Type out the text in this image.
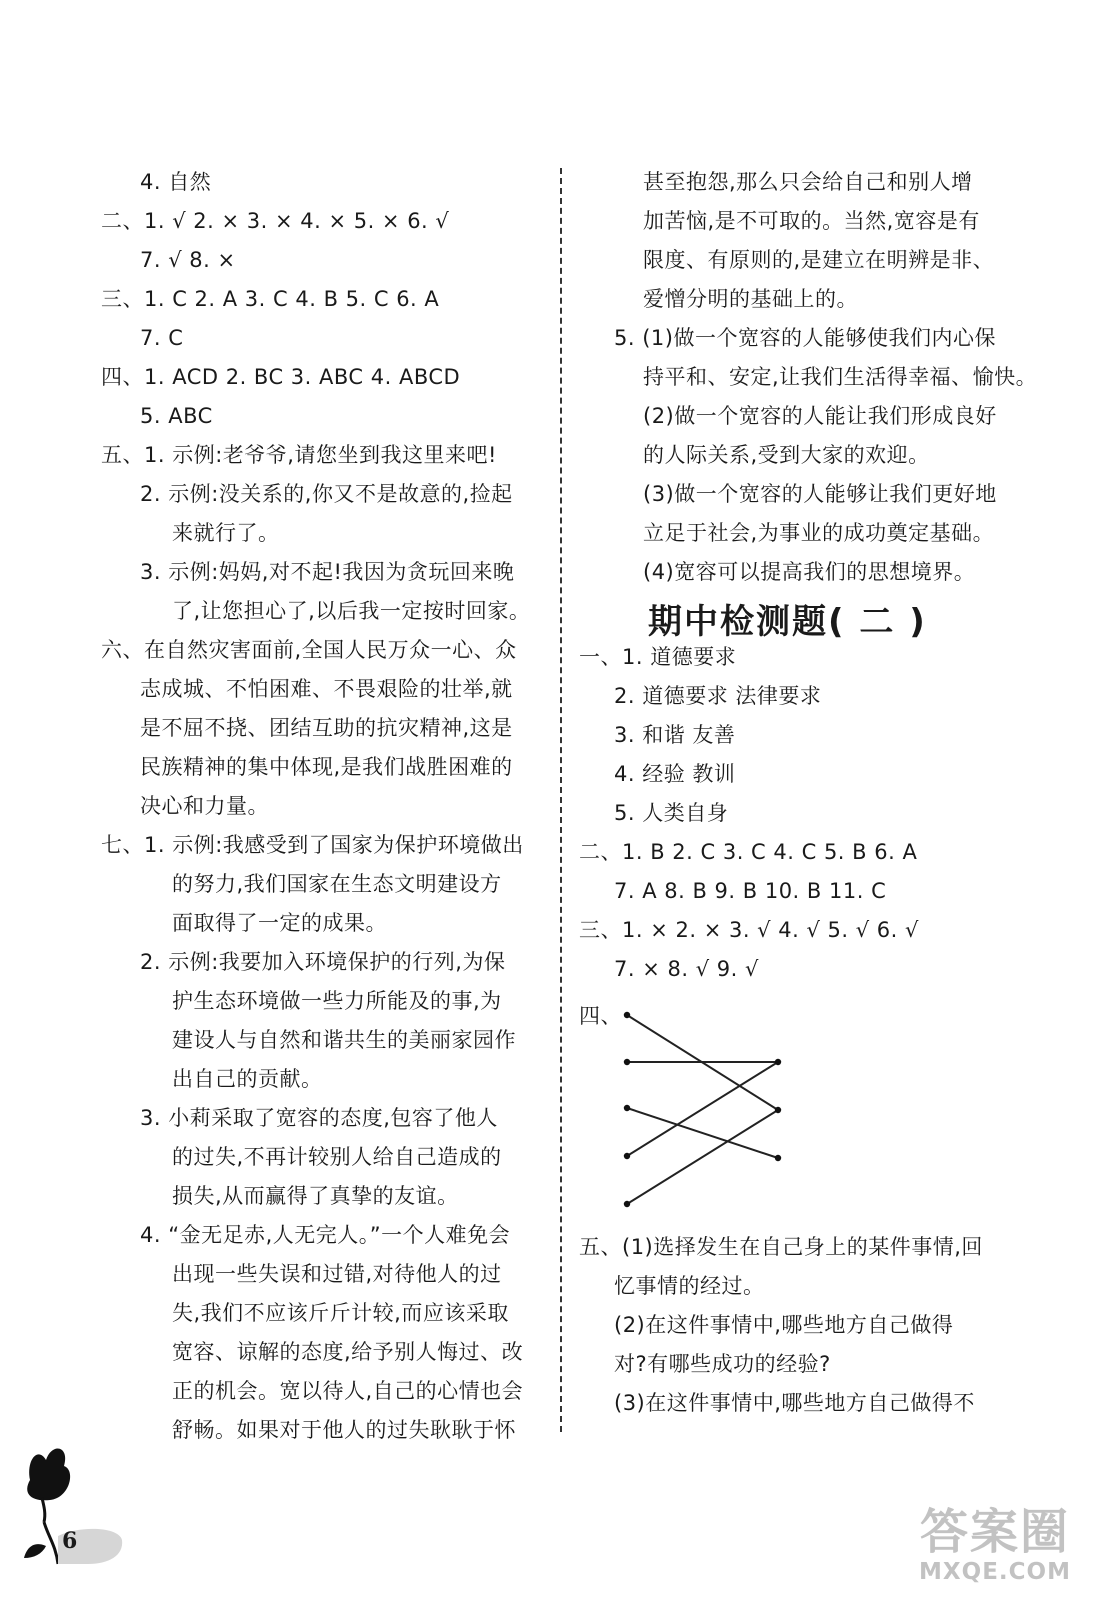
4. 自然
二、1. √ 2. × 3. × 4. × 5. × 6. √
7. √ 8. ×
三、1. C 2. A 3. C 4. B 5. C 6. A
7. C
四、1. ACD 2. BC 3. ABC 4. ABCD
5. ABC
五、1. 示例:老爷爷,请您坐到我这里来吧!
2. 示例:没关系的,你又不是故意的,捡起
来就行了。
3. 示例:妈妈,对不起!我因为贪玩回来晚
了,让您担心了,以后我一定按时回家。
六、在自然灾害面前,全国人民万众一心、众
志成城、不怕困难、不畏艰险的壮举,就
是不屈不挠、团结互助的抗灾精神,这是
民族精神的集中体现,是我们战胜困难的
决心和力量。
七、1. 示例:我感受到了国家为保护环境做出
的努力,我们国家在生态文明建设方
面取得了一定的成果。
2. 示例:我要加入环境保护的行列,为保
护生态环境做一些力所能及的事,为
建设人与自然和谐共生的美丽家园作
出自己的贡献。
3. 小莉采取了宽容的态度,包容了他人
的过失,不再计较别人给自己造成的
损失,从而赢得了真挚的友谊。
4. “金无足赤,人无完人。”一个人难免会
出现一些失误和过错,对待他人的过
失,我们不应该斤斤计较,而应该采取
宽容、谅解的态度,给予别人悔过、改
正的机会。宽以待人,自己的心情也会
舒畅。如果对于他人的过失耿耿于怀
甚至抱怨,那么只会给自己和别人增
加苦恼,是不可取的。当然,宽容是有
限度、有原则的,是建立在明辨是非、
爱憎分明的基础上的。
5. (1)做一个宽容的人能够使我们内心保
持平和、安定,让我们生活得幸福、愉快。
(2)做一个宽容的人能让我们形成良好
的人际关系,受到大家的欢迎。
(3)做一个宽容的人能够让我们更好地
立足于社会,为事业的成功奠定基础。
(4)宽容可以提高我们的思想境界。
期中检测题( 二 )
一、1. 道德要求
2. 道德要求 法律要求
3. 和谐 友善
4. 经验 教训
5. 人类自身
二、1. B 2. C 3. C 4. C 5. B 6. A
7. A 8. B 9. B 10. B 11. C
三、1. × 2. × 3. √ 4. √ 5. √ 6. √
7. × 8. √ 9. √
四、
五、(1)选择发生在自己身上的某件事情,回
忆事情的经过。
(2)在这件事情中,哪些地方自己做得
对?有哪些成功的经验?
(3)在这件事情中,哪些地方自己做得不
6	答案圈
MXQE.COM
